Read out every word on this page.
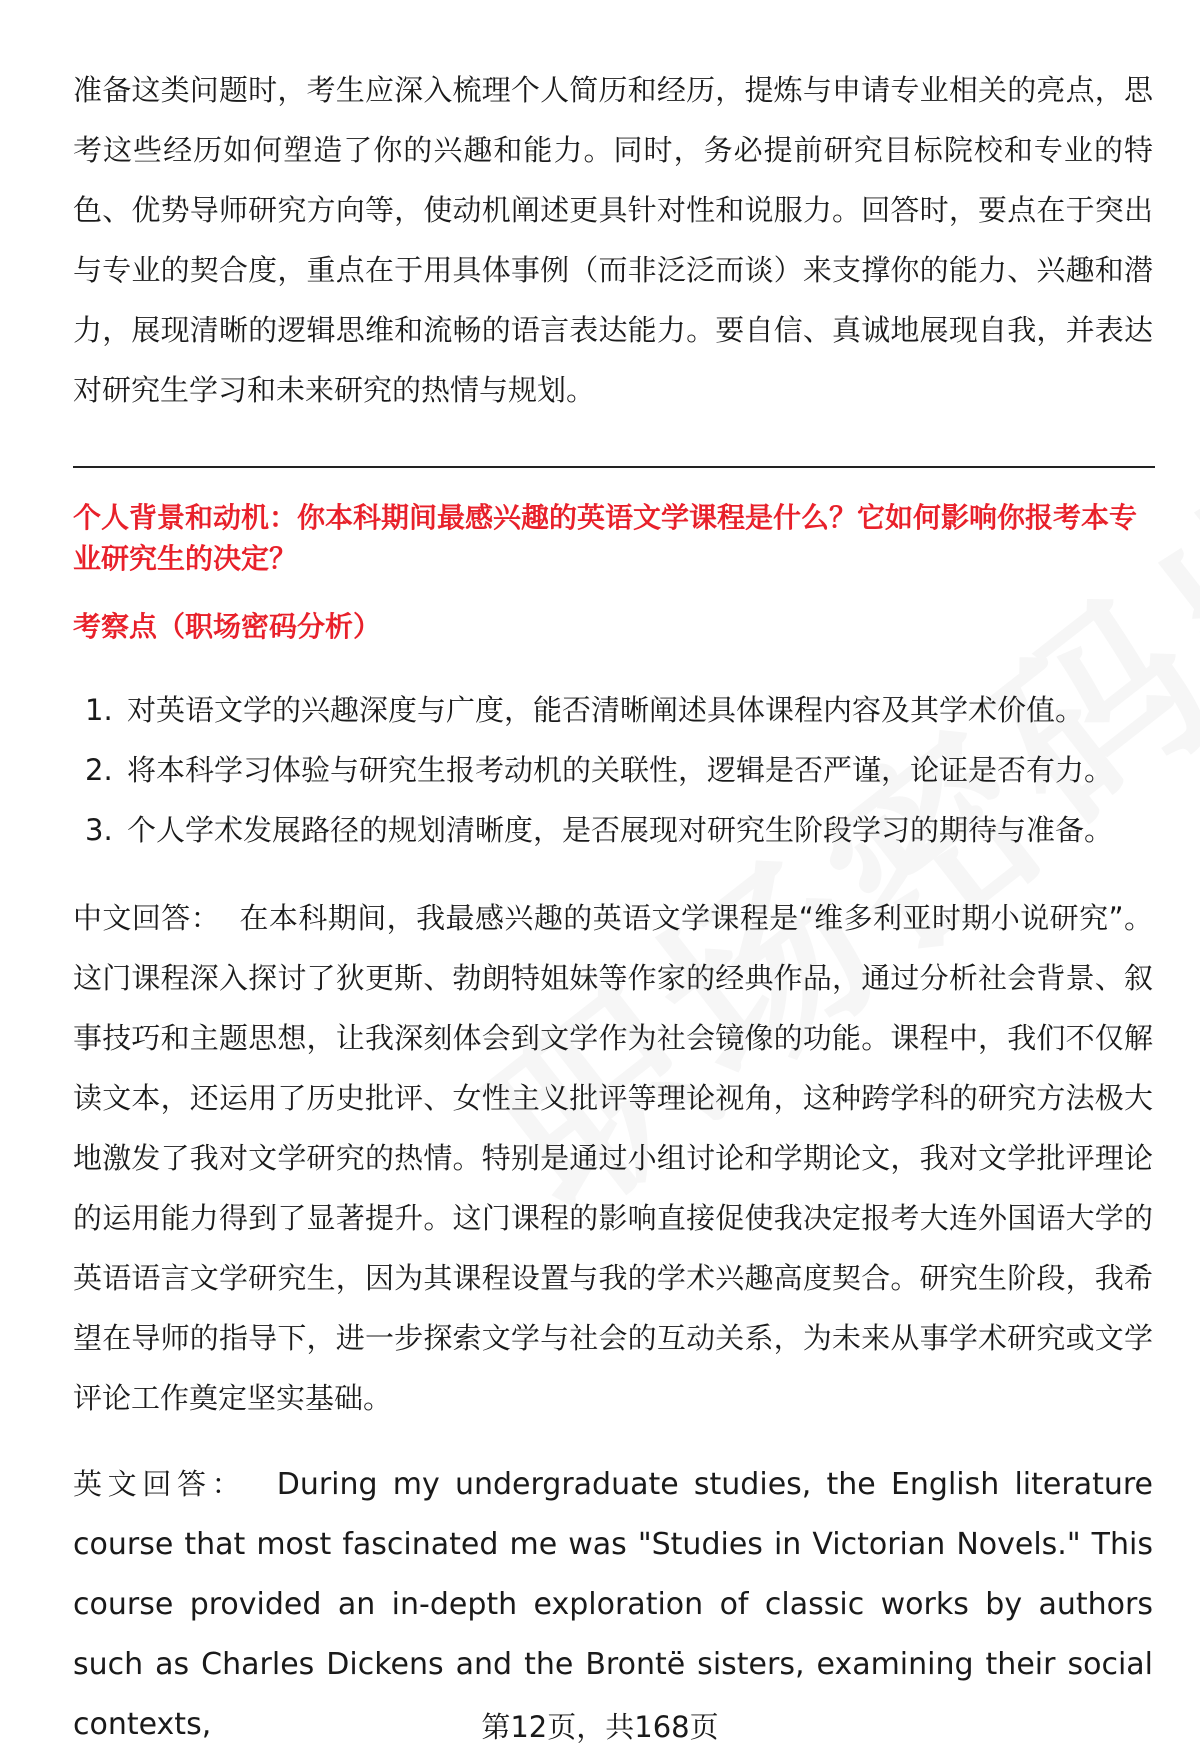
准备这类问题时，考生应深入梳理个人简历和经历，提炼与申请专业相关的亮点，思考这些经历如何塑造了你的兴趣和能力。同时，务必提前研究目标院校和专业的特色、优势导师研究方向等，使动机阐述更具针对性和说服力。回答时，要点在于突出与专业的契合度，重点在于用具体事例（而非泛泛而谈）来支撑你的能力、兴趣和潜力，展现清晰的逻辑思维和流畅的语言表达能力。要自信、真诚地展现自我，并表达对研究生学习和未来研究的热情与规划。

个人背景和动机：你本科期间最感兴趣的英语文学课程是什么？它如何影响你报考本专业研究生的决定？

考察点（职场密码分析）

1. 对英语文学的兴趣深度与广度，能否清晰阐述具体课程内容及其学术价值。
2. 将本科学习体验与研究生报考动机的关联性，逻辑是否严谨，论证是否有力。
3. 个人学术发展路径的规划清晰度，是否展现对研究生阶段学习的期待与准备。

中文回答： 在本科期间，我最感兴趣的英语文学课程是“维多利亚时期小说研究”。这门课程深入探讨了狄更斯、勃朗特姐妹等作家的经典作品，通过分析社会背景、叙事技巧和主题思想，让我深刻体会到文学作为社会镜像的功能。课程中，我们不仅解读文本，还运用了历史批评、女性主义批评等理论视角，这种跨学科的研究方法极大地激发了我对文学研究的热情。特别是通过小组讨论和学期论文，我对文学批评理论的运用能力得到了显著提升。这门课程的影响直接促使我决定报考大连外国语大学的英语语言文学研究生，因为其课程设置与我的学术兴趣高度契合。研究生阶段，我希望在导师的指导下，进一步探索文学与社会的互动关系，为未来从事学术研究或文学评论工作奠定坚实基础。

英文回答： During my undergraduate studies, the English literature course that most fascinated me was "Studies in Victorian Novels." This course provided an in-depth exploration of classic works by authors such as Charles Dickens and the Brontë sisters, examining their social contexts,	第12页，共168页
